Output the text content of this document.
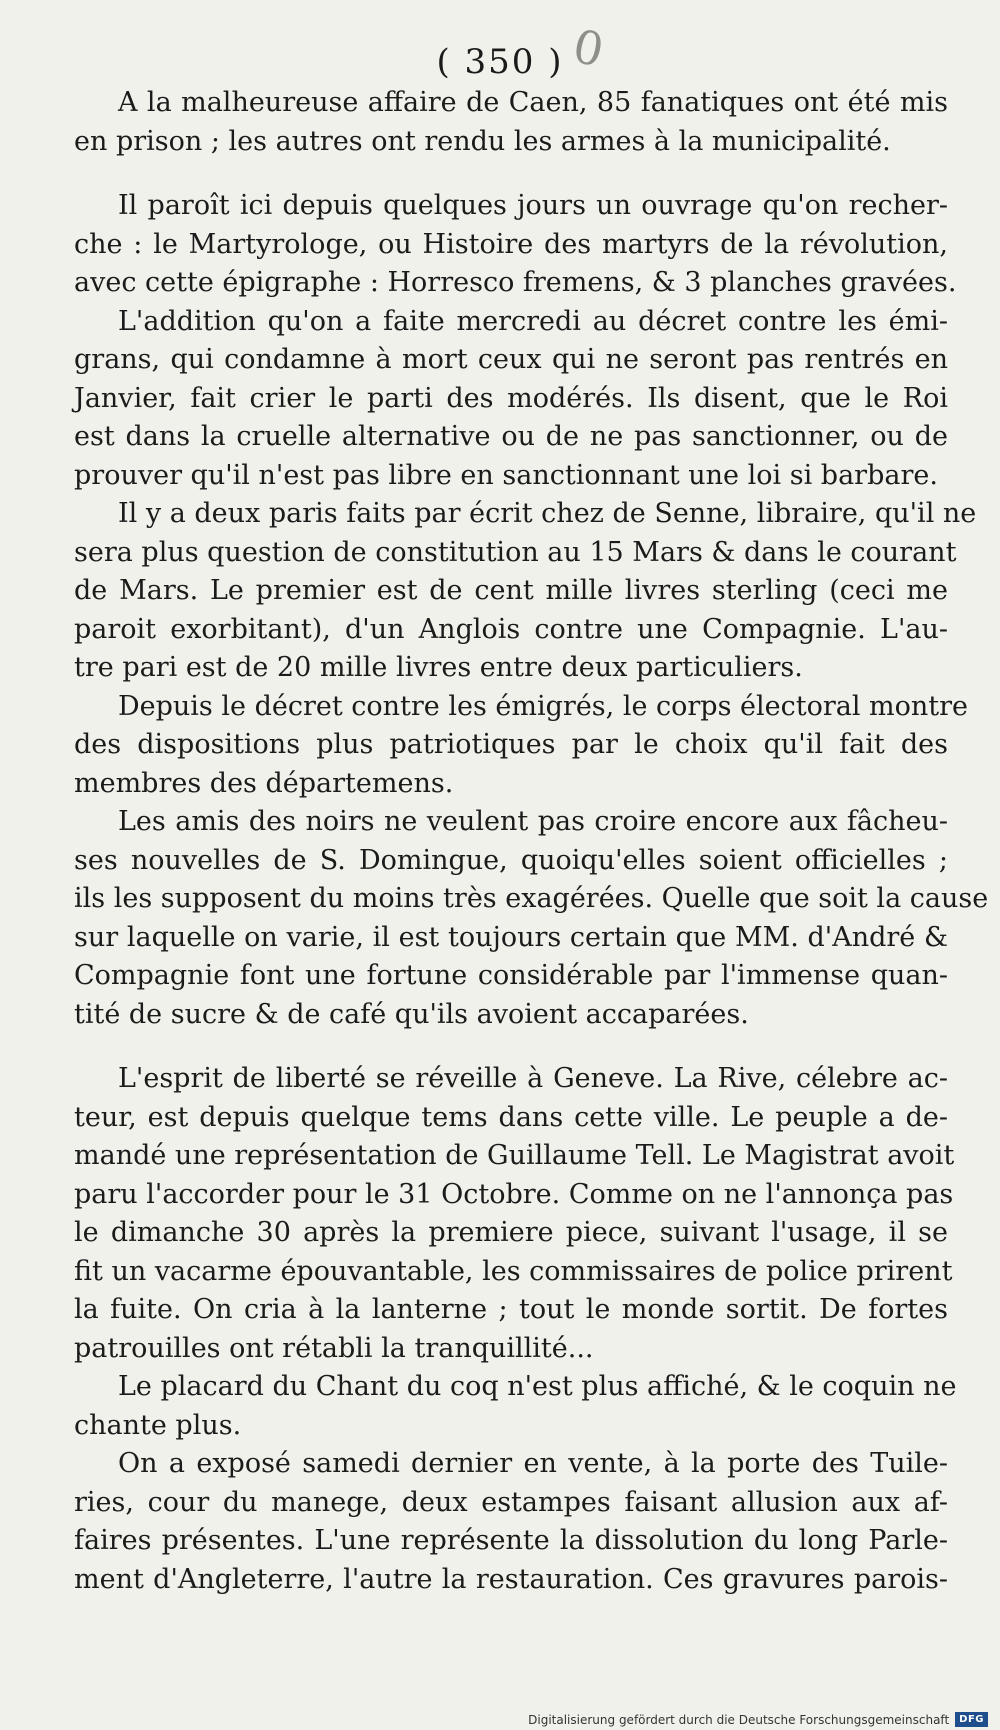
( 350 ) 0
A la malheureuse affaire de Caen, 85 fanatiques ont été mis
en prison ; les autres ont rendu les armes à la municipalité.
Il paroît ici depuis quelques jours un ouvrage qu'on recher-
che : le Martyrologe, ou Histoire des martyrs de la révolution,
avec cette épigraphe : Horresco fremens, & 3 planches gravées.
L'addition qu'on a faite mercredi au décret contre les émi-
grans, qui condamne à mort ceux qui ne seront pas rentrés en
Janvier, fait crier le parti des modérés. Ils disent, que le Roi
est dans la cruelle alternative ou de ne pas sanctionner, ou de
prouver qu'il n'est pas libre en sanctionnant une loi si barbare.
Il y a deux paris faits par écrit chez de Senne, libraire, qu'il ne
sera plus question de constitution au 15 Mars & dans le courant
de Mars. Le premier est de cent mille livres sterling (ceci me
paroit exorbitant), d'un Anglois contre une Compagnie. L'au-
tre pari est de 20 mille livres entre deux particuliers.
Depuis le décret contre les émigrés, le corps électoral montre
des dispositions plus patriotiques par le choix qu'il fait des
membres des départemens.
Les amis des noirs ne veulent pas croire encore aux fâcheu-
ses nouvelles de S. Domingue, quoiqu'elles soient officielles ;
ils les supposent du moins très exagérées. Quelle que soit la cause
sur laquelle on varie, il est toujours certain que MM. d'André &
Compagnie font une fortune considérable par l'immense quan-
tité de sucre & de café qu'ils avoient accaparées.
L'esprit de liberté se réveille à Geneve. La Rive, célebre ac-
teur, est depuis quelque tems dans cette ville. Le peuple a de-
mandé une représentation de Guillaume Tell. Le Magistrat avoit
paru l'accorder pour le 31 Octobre. Comme on ne l'annonça pas
le dimanche 30 après la premiere piece, suivant l'usage, il se
fit un vacarme épouvantable, les commissaires de police prirent
la fuite. On cria à la lanterne ; tout le monde sortit. De fortes
patrouilles ont rétabli la tranquillité...
Le placard du Chant du coq n'est plus affiché, & le coquin ne
chante plus.
On a exposé samedi dernier en vente, à la porte des Tuile-
ries, cour du manege, deux estampes faisant allusion aux af-
faires présentes. L'une représente la dissolution du long Parle-
ment d'Angleterre, l'autre la restauration. Ces gravures parois-
Digitalisierung gefördert durch die Deutsche Forschungsgemeinschaft	DFG
